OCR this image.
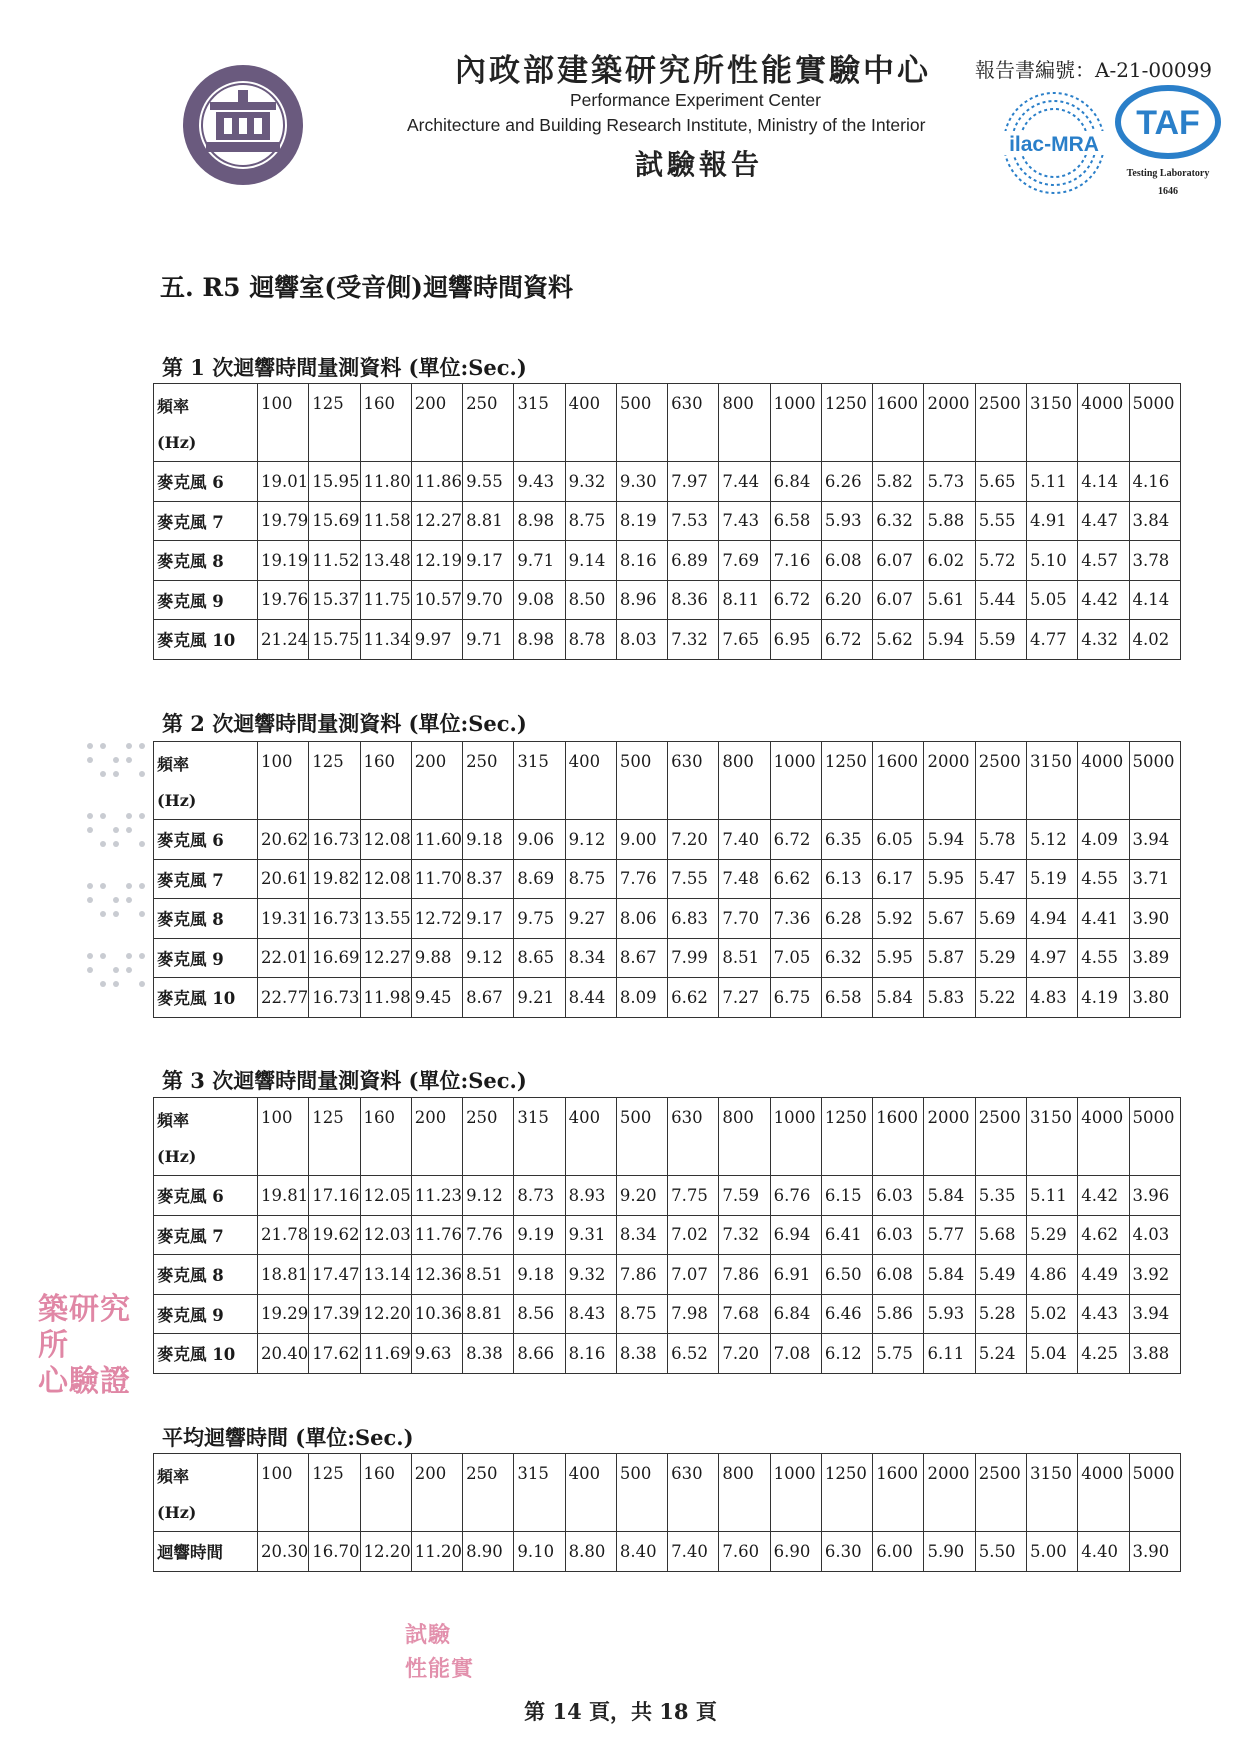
內政部建築研究所性能實驗中心 報告書編號：A-21-00099
Performance Experiment Center
Architecture and Building Research Institute, Ministry of the Interior
試驗報告
ilac-MRA
TAF
Testing Laboratory
1646
五. R5 迴響室(受音側)迴響時間資料
第 1 次迴響時間量測資料 (單位:Sec.)
頻率
(Hz)	100	125	160	200	250	315	400	500	630	800	1000	1250	1600	2000	2500	3150	4000	5000

麥克風 6	19.01	15.95	11.80	11.86	9.55	9.43	9.32	9.30	7.97	7.44	6.84	6.26	5.82	5.73	5.65	5.11	4.14	4.16
麥克風 7	19.79	15.69	11.58	12.27	8.81	8.98	8.75	8.19	7.53	7.43	6.58	5.93	6.32	5.88	5.55	4.91	4.47	3.84
麥克風 8	19.19	11.52	13.48	12.19	9.17	9.71	9.14	8.16	6.89	7.69	7.16	6.08	6.07	6.02	5.72	5.10	4.57	3.78
麥克風 9	19.76	15.37	11.75	10.57	9.70	9.08	8.50	8.96	8.36	8.11	6.72	6.20	6.07	5.61	5.44	5.05	4.42	4.14
麥克風 10	21.24	15.75	11.34	9.97	9.71	8.98	8.78	8.03	7.32	7.65	6.95	6.72	5.62	5.94	5.59	4.77	4.32	4.02
第 2 次迴響時間量測資料 (單位:Sec.)
頻率
(Hz)	100	125	160	200	250	315	400	500	630	800	1000	1250	1600	2000	2500	3150	4000	5000

麥克風 6	20.62	16.73	12.08	11.60	9.18	9.06	9.12	9.00	7.20	7.40	6.72	6.35	6.05	5.94	5.78	5.12	4.09	3.94
麥克風 7	20.61	19.82	12.08	11.70	8.37	8.69	8.75	7.76	7.55	7.48	6.62	6.13	6.17	5.95	5.47	5.19	4.55	3.71
麥克風 8	19.31	16.73	13.55	12.72	9.17	9.75	9.27	8.06	6.83	7.70	7.36	6.28	5.92	5.67	5.69	4.94	4.41	3.90
麥克風 9	22.01	16.69	12.27	9.88	9.12	8.65	8.34	8.67	7.99	8.51	7.05	6.32	5.95	5.87	5.29	4.97	4.55	3.89
麥克風 10	22.77	16.73	11.98	9.45	8.67	9.21	8.44	8.09	6.62	7.27	6.75	6.58	5.84	5.83	5.22	4.83	4.19	3.80
第 3 次迴響時間量測資料 (單位:Sec.)
頻率
(Hz)	100	125	160	200	250	315	400	500	630	800	1000	1250	1600	2000	2500	3150	4000	5000

麥克風 6	19.81	17.16	12.05	11.23	9.12	8.73	8.93	9.20	7.75	7.59	6.76	6.15	6.03	5.84	5.35	5.11	4.42	3.96
麥克風 7	21.78	19.62	12.03	11.76	7.76	9.19	9.31	8.34	7.02	7.32	6.94	6.41	6.03	5.77	5.68	5.29	4.62	4.03
麥克風 8	18.81	17.47	13.14	12.36	8.51	9.18	9.32	7.86	7.07	7.86	6.91	6.50	6.08	5.84	5.49	4.86	4.49	3.92
麥克風 9	19.29	17.39	12.20	10.36	8.81	8.56	8.43	8.75	7.98	7.68	6.84	6.46	5.86	5.93	5.28	5.02	4.43	3.94
麥克風 10	20.40	17.62	11.69	9.63	8.38	8.66	8.16	8.38	6.52	7.20	7.08	6.12	5.75	6.11	5.24	5.04	4.25	3.88
平均迴響時間 (單位:Sec.)
頻率
(Hz)	100	125	160	200	250	315	400	500	630	800	1000	1250	1600	2000	2500	3150	4000	5000

迴響時間	20.30	16.70	12.20	11.20	8.90	9.10	8.80	8.40	7.40	7.60	6.90	6.30	6.00	5.90	5.50	5.00	4.40	3.90
築研究所
心驗證
試驗
性能實
第 14 頁，共 18 頁
